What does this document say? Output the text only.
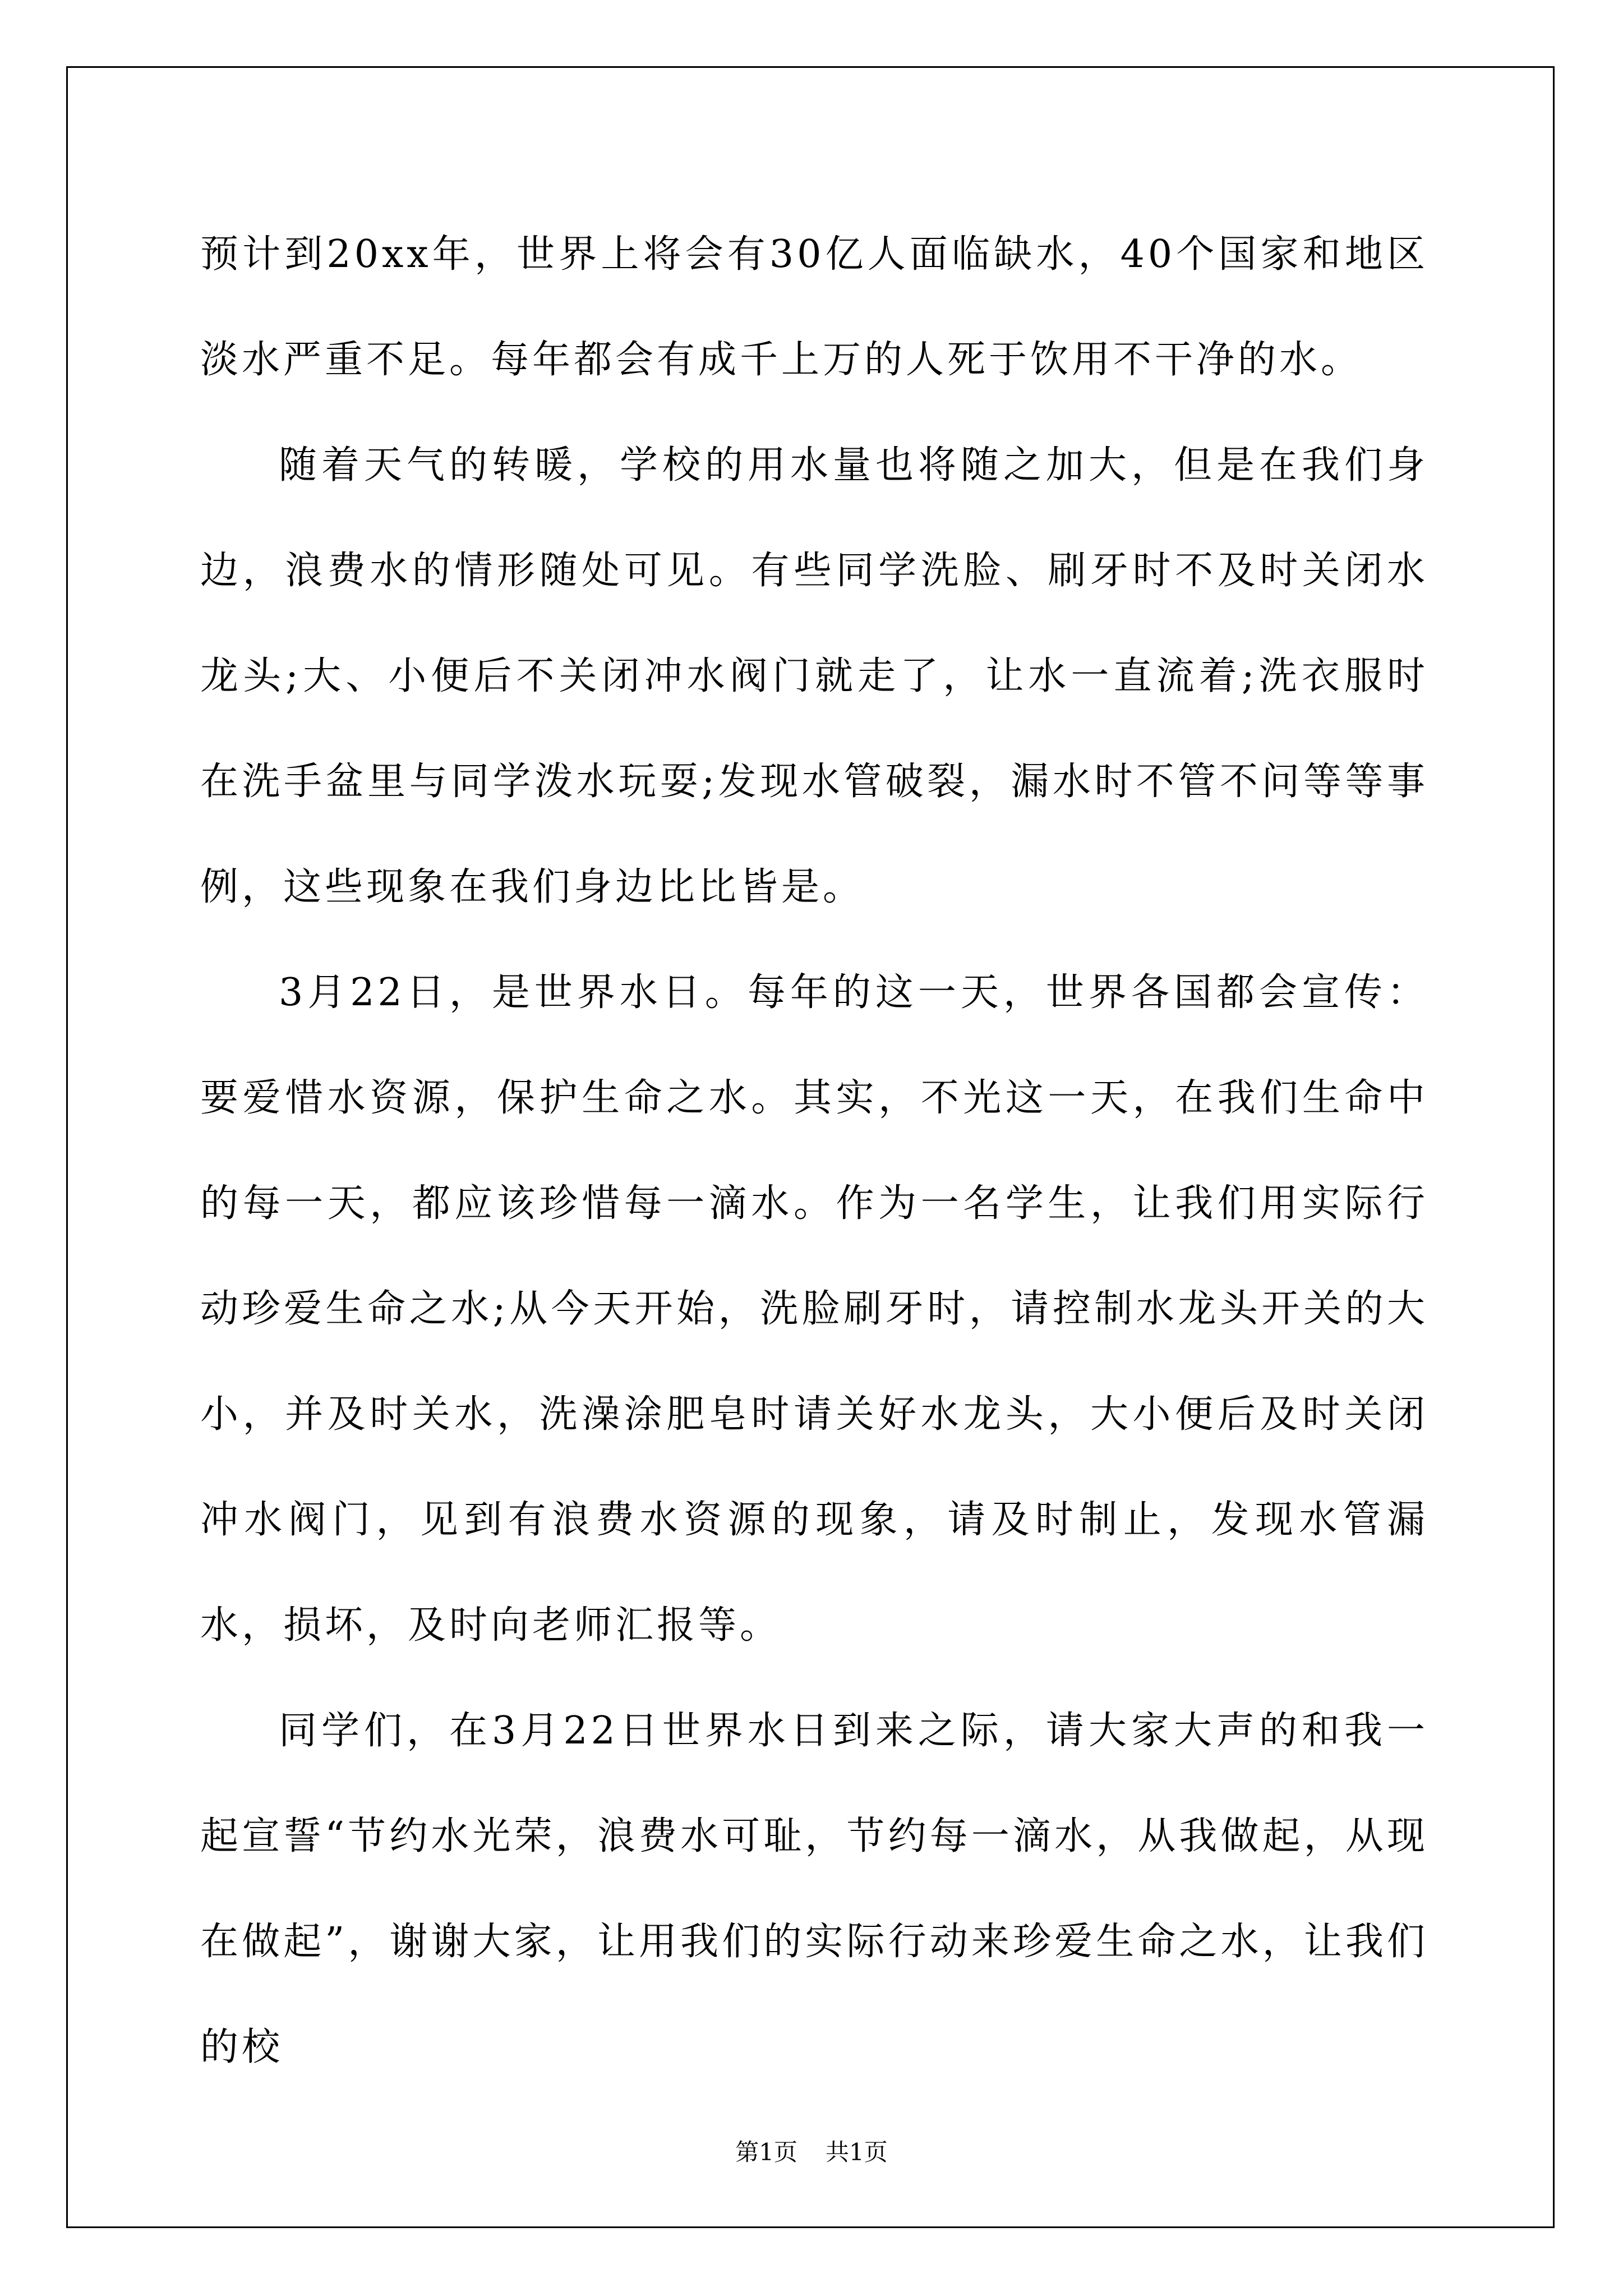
预计到20xx年，世界上将会有30亿人面临缺水，40个国家和地区淡水严重不足。每年都会有成千上万的人死于饮用不干净的水。

随着天气的转暖，学校的用水量也将随之加大，但是在我们身边，浪费水的情形随处可见。有些同学洗脸、刷牙时不及时关闭水龙头;大、小便后不关闭冲水阀门就走了，让水一直流着;洗衣服时在洗手盆里与同学泼水玩耍;发现水管破裂，漏水时不管不问等等事例，这些现象在我们身边比比皆是。

3月22日，是世界水日。每年的这一天，世界各国都会宣传：要爱惜水资源，保护生命之水。其实，不光这一天，在我们生命中的每一天，都应该珍惜每一滴水。作为一名学生，让我们用实际行动珍爱生命之水;从今天开始，洗脸刷牙时，请控制水龙头开关的大小，并及时关水，洗澡涂肥皂时请关好水龙头，大小便后及时关闭冲水阀门，见到有浪费水资源的现象，请及时制止，发现水管漏水，损坏，及时向老师汇报等。

同学们，在3月22日世界水日到来之际，请大家大声的和我一起宣誓“节约水光荣，浪费水可耻，节约每一滴水，从我做起，从现在做起”，谢谢大家，让用我们的实际行动来珍爱生命之水，让我们的校

第1页 共1页
